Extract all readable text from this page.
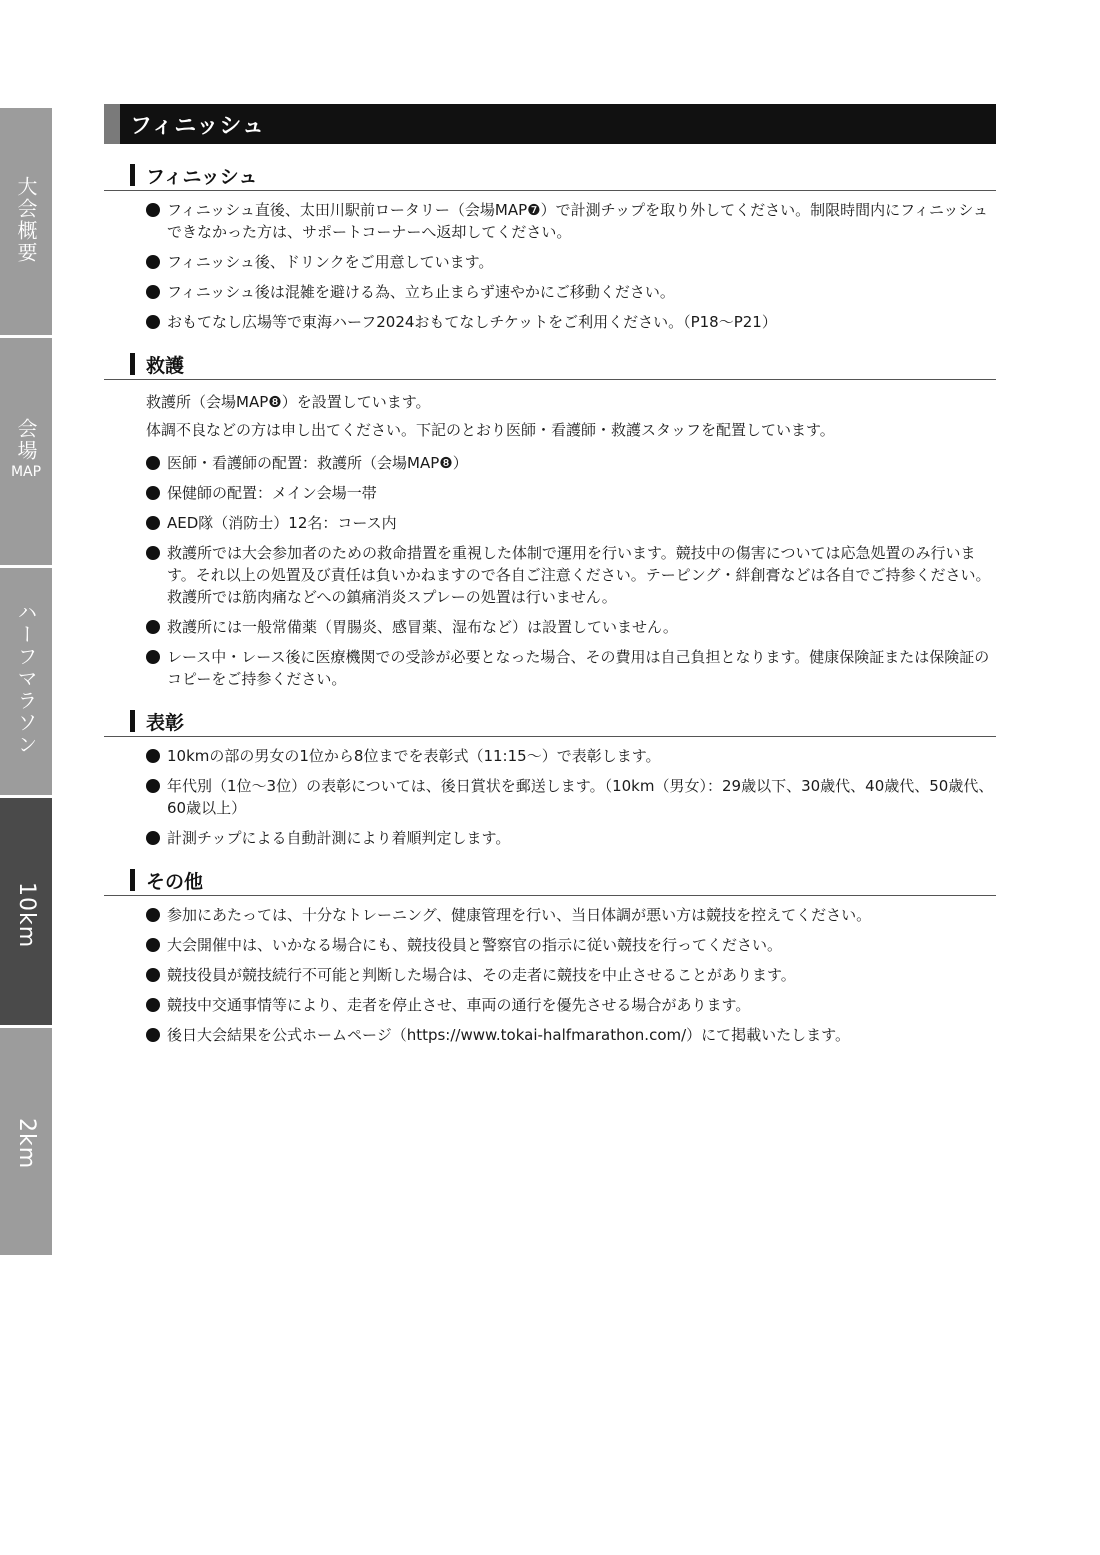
大会概要
会場
MAP
ハーフマラソン
10km
2km
フィニッシュ
フィニッシュ
フィニッシュ直後、太田川駅前ロータリー（会場MAP❼）で計測チップを取り外してください。制限時間内にフィニッシュできなかった方は、サポートコーナーへ返却してください。
フィニッシュ後、ドリンクをご用意しています。
フィニッシュ後は混雑を避ける為、立ち止まらず速やかにご移動ください。
おもてなし広場等で東海ハーフ2024おもてなしチケットをご利用ください。（P18～P21）
救護
救護所（会場MAP❽）を設置しています。
体調不良などの方は申し出てください。下記のとおり医師・看護師・救護スタッフを配置しています。
医師・看護師の配置：救護所（会場MAP❽）
保健師の配置：メイン会場一帯
AED隊（消防士）12名：コース内
救護所では大会参加者のための救命措置を重視した体制で運用を行います。競技中の傷害については応急処置のみ行います。それ以上の処置及び責任は負いかねますので各自ご注意ください。テーピング・絆創膏などは各自でご持参ください。救護所では筋肉痛などへの鎮痛消炎スプレーの処置は行いません。
救護所には一般常備薬（胃腸炎、感冒薬、湿布など）は設置していません。
レース中・レース後に医療機関での受診が必要となった場合、その費用は自己負担となります。健康保険証または保険証のコピーをご持参ください。
表彰
10kmの部の男女の1位から8位までを表彰式（11:15～）で表彰します。
年代別（1位～3位）の表彰については、後日賞状を郵送します。（10km（男女）：29歳以下、30歳代、40歳代、50歳代、60歳以上）
計測チップによる自動計測により着順判定します。
その他
参加にあたっては、十分なトレーニング、健康管理を行い、当日体調が悪い方は競技を控えてください。
大会開催中は、いかなる場合にも、競技役員と警察官の指示に従い競技を行ってください。
競技役員が競技続行不可能と判断した場合は、その走者に競技を中止させることがあります。
競技中交通事情等により、走者を停止させ、車両の通行を優先させる場合があります。
後日大会結果を公式ホームページ（https://www.tokai-halfmarathon.com/）にて掲載いたします。
